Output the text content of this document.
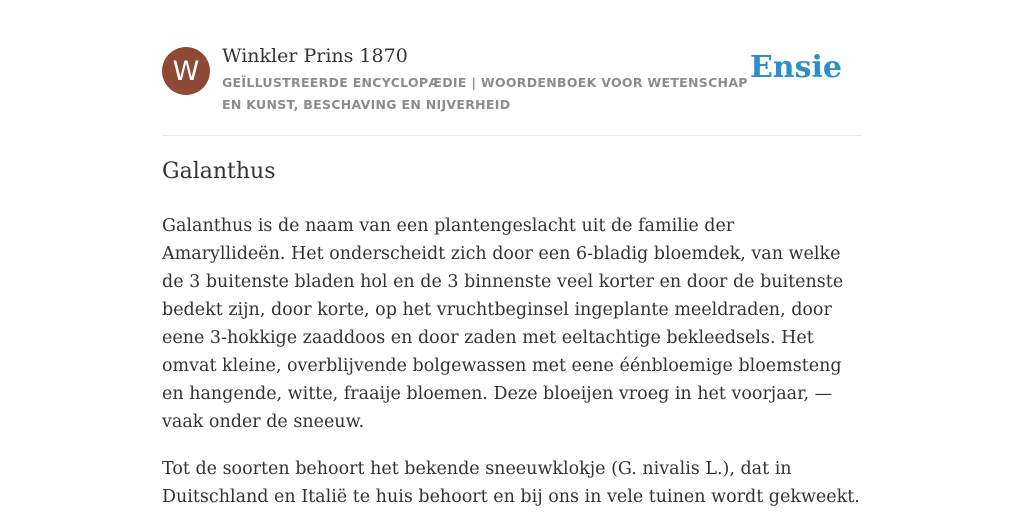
W	Winkler Prins 1870
GEÏLLUSTREERDE ENCYCLOPÆDIE | WOORDENBOEK VOOR WETENSCHAP EN KUNST, BESCHAVING EN NIJVERHEID
Ensie
Galanthus

Galanthus is de naam van een plantengeslacht uit de familie der Amaryllideën. Het onderscheidt zich door een 6-bladig bloemdek, van welke de 3 buitenste bladen hol en de 3 binnenste veel korter en door de buitenste bedekt zijn, door korte, op het vruchtbeginsel ingeplante meeldraden, door eene 3-hokkige zaaddoos en door zaden met eeltachtige bekleedsels. Het omvat kleine, overblijvende bolgewassen met eene éénbloemige bloemsteng en hangende, witte, fraaije bloemen. Deze bloeijen vroeg in het voorjaar, — vaak onder de sneeuw.

Tot de soorten behoort het bekende sneeuwklokje (G. nivalis L.), dat in Duitschland en Italië te huis behoort en bij ons in vele tuinen wordt gekweekt.
